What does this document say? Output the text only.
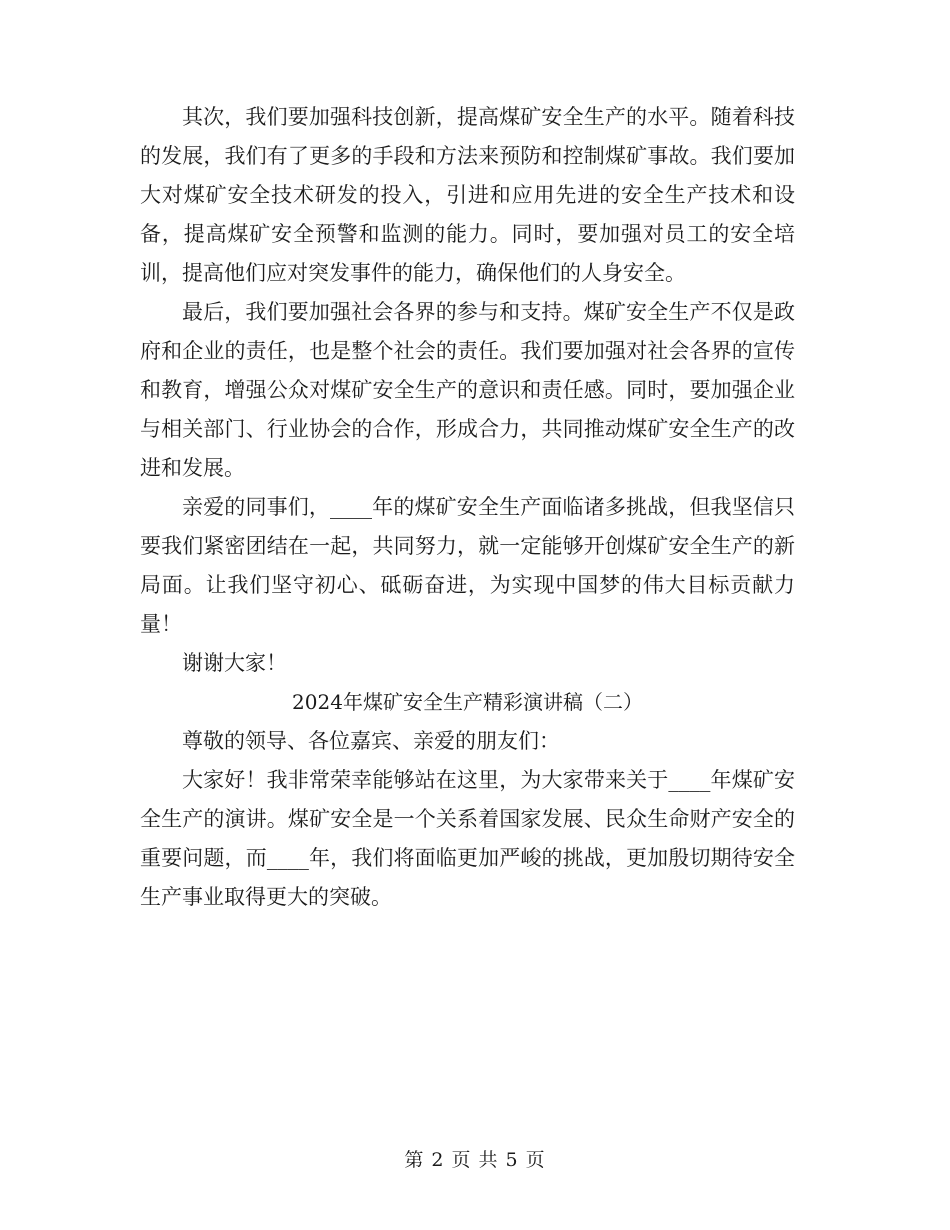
其次，我们要加强科技创新，提高煤矿安全生产的水平。随着科技的发展，我们有了更多的手段和方法来预防和控制煤矿事故。我们要加大对煤矿安全技术研发的投入，引进和应用先进的安全生产技术和设备，提高煤矿安全预警和监测的能力。同时，要加强对员工的安全培训，提高他们应对突发事件的能力，确保他们的人身安全。

最后，我们要加强社会各界的参与和支持。煤矿安全生产不仅是政府和企业的责任，也是整个社会的责任。我们要加强对社会各界的宣传和教育，增强公众对煤矿安全生产的意识和责任感。同时，要加强企业与相关部门、行业协会的合作，形成合力，共同推动煤矿安全生产的改进和发展。

亲爱的同事们，____年的煤矿安全生产面临诸多挑战，但我坚信只要我们紧密团结在一起，共同努力，就一定能够开创煤矿安全生产的新局面。让我们坚守初心、砥砺奋进，为实现中国梦的伟大目标贡献力量！

谢谢大家！

2024年煤矿安全生产精彩演讲稿（二）

尊敬的领导、各位嘉宾、亲爱的朋友们：

大家好！我非常荣幸能够站在这里，为大家带来关于____年煤矿安全生产的演讲。煤矿安全是一个关系着国家发展、民众生命财产安全的重要问题，而____年，我们将面临更加严峻的挑战，更加殷切期待安全生产事业取得更大的突破。

第 2 页 共 5 页
